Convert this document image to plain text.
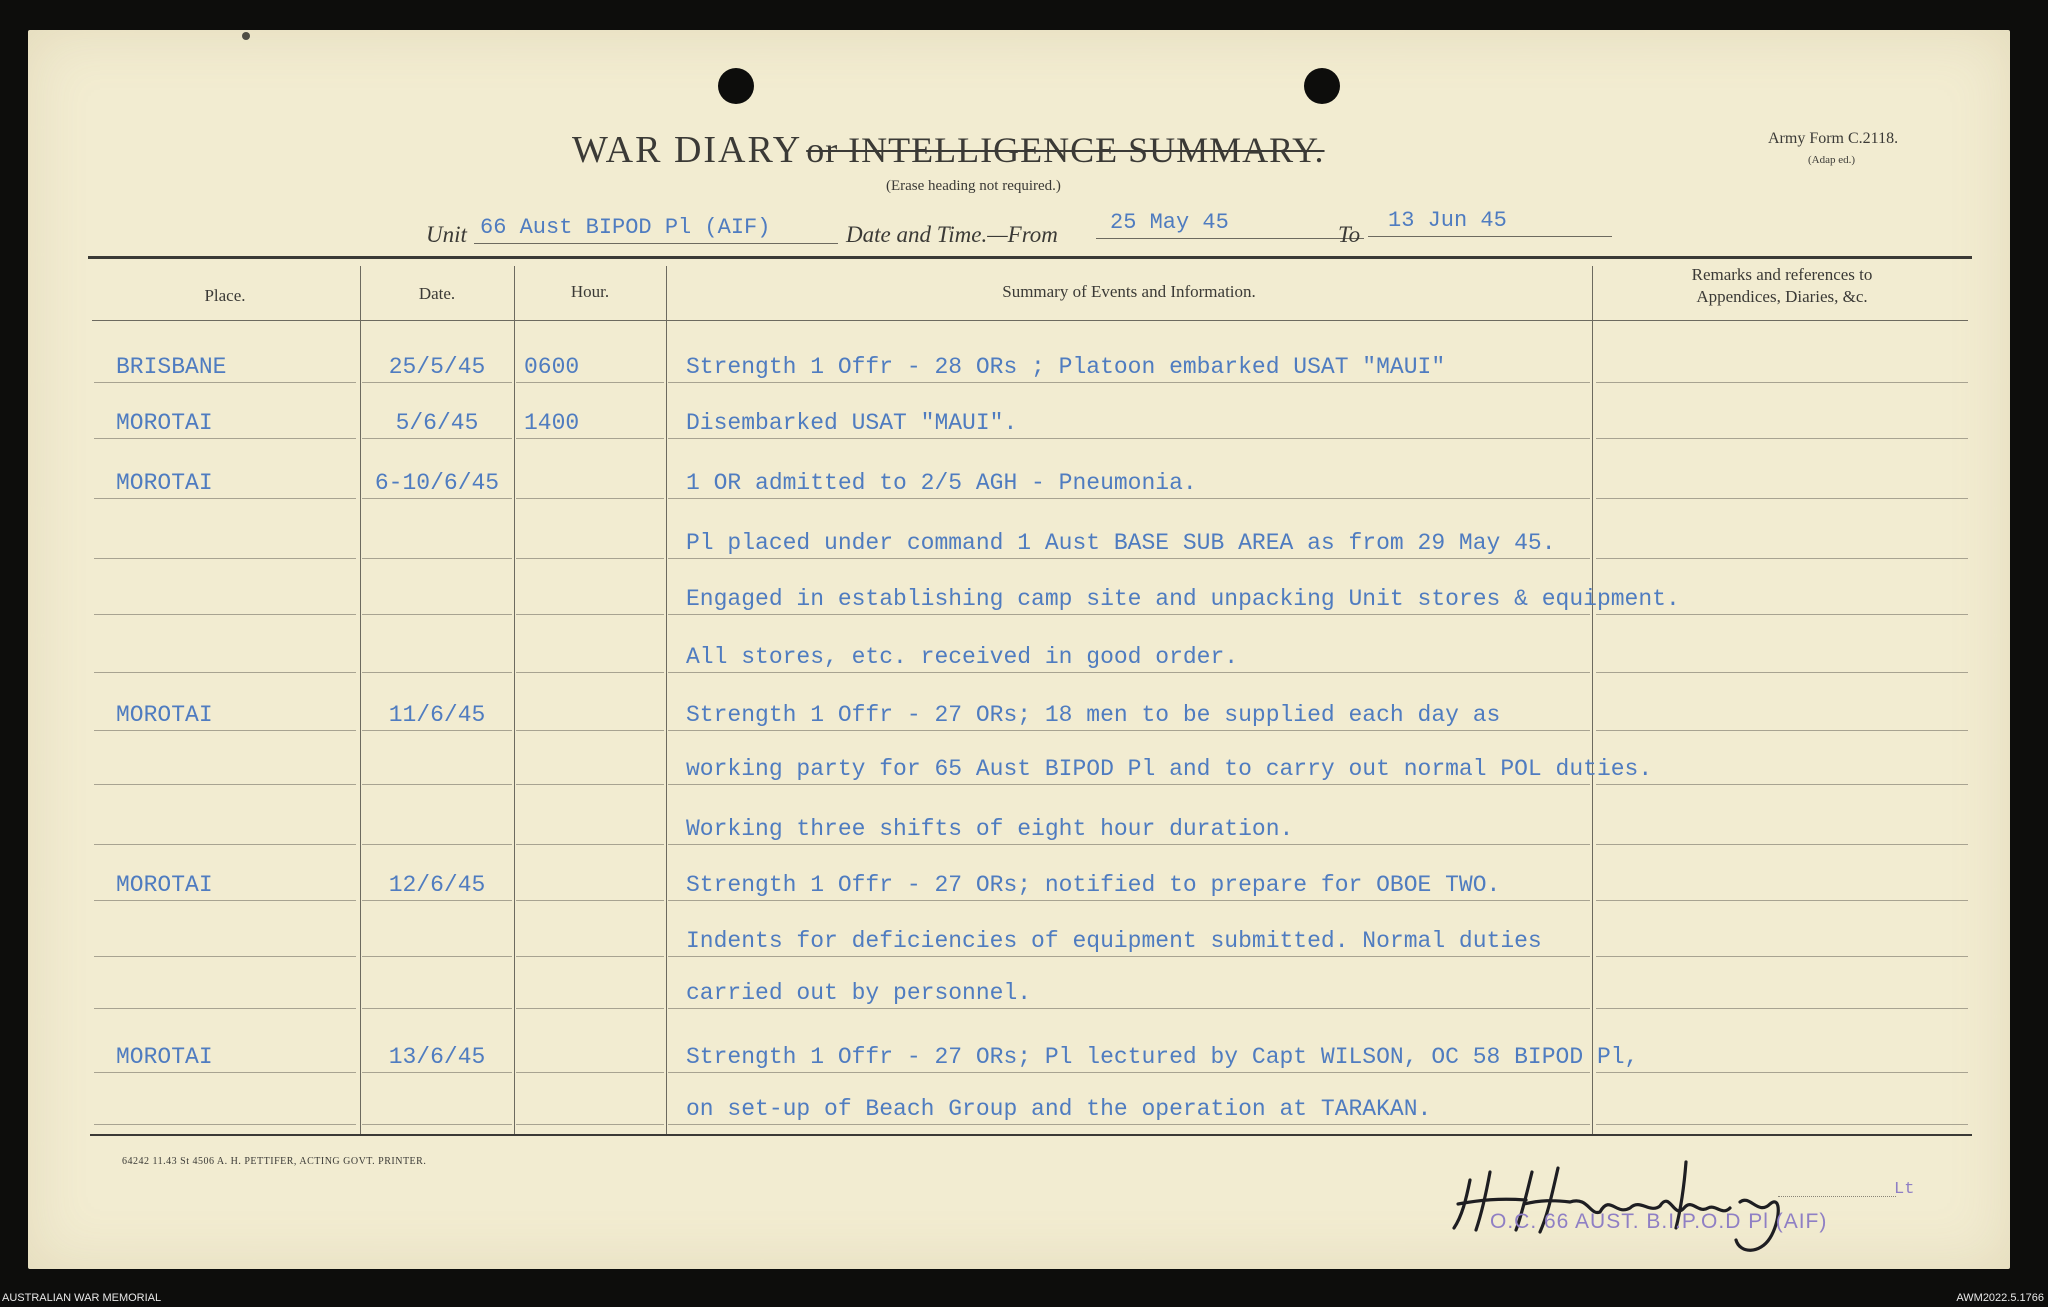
WAR DIARY or INTELLIGENCE SUMMARY.
(Erase heading not required.)
Army Form C.2118.
(Adap ed.)
Unit 66 Aust BIPOD Pl (AIF)	Date and Time.—From 25 May 45	To
13 Jun 45
Place.	Date.	Hour.	Summary of Events and Information.
Remarks and references to
Appendices, Diaries, &c.
BRISBANE	25/5/45	0600	Strength 1 Offr - 28 ORs ; Platoon embarked USAT "MAUI"
MOROTAI	5/6/45	1400	Disembarked USAT "MAUI".
MOROTAI	6-10/6/45	1 OR admitted to 2/5 AGH - Pneumonia.
Pl placed under command 1 Aust BASE SUB AREA as from 29 May 45.
Engaged in establishing camp site and unpacking Unit stores & equipment.
All stores, etc. received in good order.
MOROTAI	11/6/45	Strength 1 Offr - 27 ORs; 18 men to be supplied each day as
working party for 65 Aust BIPOD Pl and to carry out normal POL duties.
Working three shifts of eight hour duration.
MOROTAI	12/6/45	Strength 1 Offr - 27 ORs; notified to prepare for OBOE TWO.
Indents for deficiencies of equipment submitted. Normal duties
carried out by personnel.
MOROTAI	13/6/45	Strength 1 Offr - 27 ORs; Pl lectured by Capt WILSON, OC 58 BIPOD Pl,
on set-up of Beach Group and the operation at TARAKAN.
64242 11.43 St 4506 A. H. PETTIFER, ACTING GOVT. PRINTER.
Lt
O.C. 66 AUST. B.I.P.O.D Pl (AIF)
AUSTRALIAN WAR MEMORIAL	AWM2022.5.1766
